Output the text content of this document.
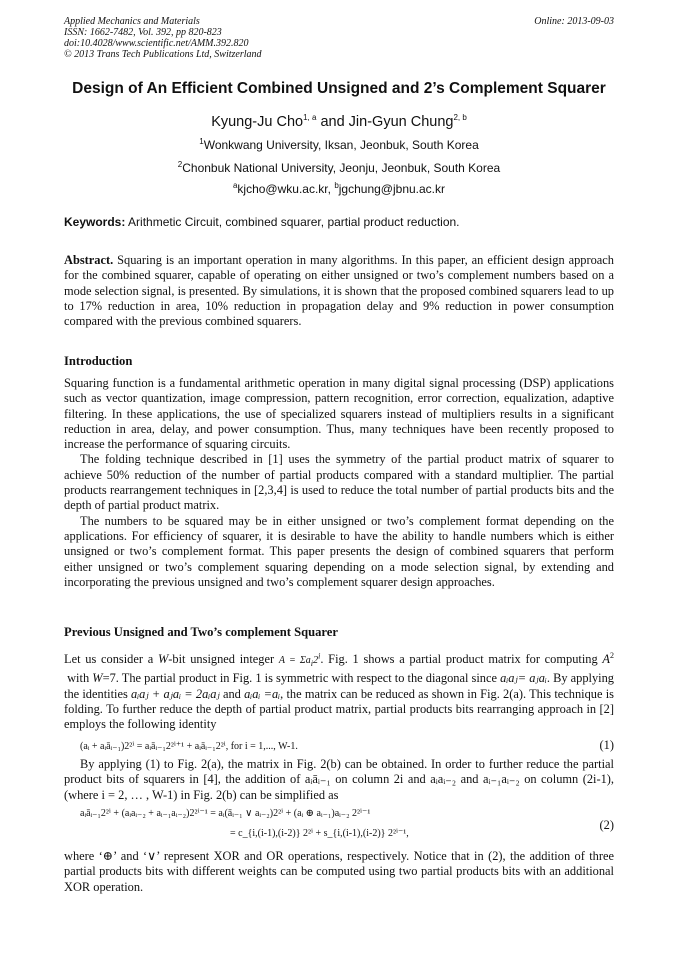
Applied Mechanics and Materials
ISSN: 1662-7482, Vol. 392, pp 820-823
doi:10.4028/www.scientific.net/AMM.392.820
© 2013 Trans Tech Publications Ltd, Switzerland
Online: 2013-09-03
Design of An Efficient Combined Unsigned and 2’s Complement Squarer
Kyung-Ju Cho$^{1, a}$ and Jin-Gyun Chung$^{2, b}$
$^1$Wonkwang University, Iksan, Jeonbuk, South Korea
$^2$Chonbuk National University, Jeonju, Jeonbuk, South Korea
$^a$kjcho@wku.ac.kr, $^b$jgchung@jbnu.ac.kr
Keywords: Arithmetic Circuit, combined squarer, partial product reduction.

Abstract. Squaring is an important operation in many algorithms. In this paper, an efficient design approach for the combined squarer, capable of operating on either unsigned or two’s complement numbers based on a mode selection signal, is presented. By simulations, it is shown that the proposed combined squarers lead to up to 17% reduction in area, 10% reduction in propagation delay and 9% reduction in power consumption compared with the previous combined squarers.

Introduction

Squaring function is a fundamental arithmetic operation in many digital signal processing (DSP) applications such as vector quantization, image compression, pattern recognition, error correction, equalization, adaptive filtering. In these applications, the use of specialized squarers instead of multipliers results in a significant reduction in area, delay, and power consumption. Thus, many techniques have been recently proposed to increase the performance of squaring circuits.

The folding technique described in [1] uses the symmetry of the partial product matrix of squarer to achieve 50% reduction of the number of partial products compared with a standard multiplier. The partial products rearrangement techniques in [2,3,4] is used to reduce the total number of partial products bits and the depth of partial product matrix.

The numbers to be squared may be in either unsigned or two’s complement format depending on the applications. For efficiency of squarer, it is desirable to have the ability to handle numbers which is either unsigned or two’s complement format. This paper presents the design of combined squarers that perform either unsigned or two’s complement squaring depending on a mode selection signal, by extending and incorporating the previous unsigned and two’s complement squarer design approaches.

Previous Unsigned and Two’s complement Squarer

Let us consider a W-bit unsigned integer $A = \Sigma a_i2^i$. Fig. 1 shows a partial product matrix for computing $A^2$ with W=7. The partial product in Fig. 1 is symmetric with respect to the diagonal since aᵢaⱼ= aⱼaᵢ. By applying the identities aᵢaⱼ + aⱼaᵢ = 2aᵢaⱼ and aᵢaᵢ =aᵢ, the matrix can be reduced as shown in Fig. 2(a). This technique is folding. To further reduce the depth of partial product matrix, partial products bits rearranging approach in [2] employs the following identity

(aᵢ + aᵢāᵢ₋₁)2²ⁱ = aᵢāᵢ₋₁2²ⁱ⁺¹ + aᵢāᵢ₋₁2²ⁱ, for i = 1,..., W-1.	(1)

By applying (1) to Fig. 2(a), the matrix in Fig. 2(b) can be obtained. In order to further reduce the partial product bits of squarers in [4], the addition of aᵢāᵢ₋₁ on column 2i and aᵢaᵢ₋₂ and aᵢ₋₁aᵢ₋₂ on column (2i-1), (where i = 2, … , W-1) in Fig. 2(b) can be simplified as

aᵢāᵢ₋₁2²ⁱ + (aᵢaᵢ₋₂ + aᵢ₋₁aᵢ₋₂)2²ⁱ⁻¹ = aᵢ(āᵢ₋₁ ∨ aᵢ₋₂)2²ⁱ + (aᵢ ⊕ aᵢ₋₁)aᵢ₋₂ 2²ⁱ⁻¹
= c_{i,(i-1),(i-2)} 2²ⁱ + s_{i,(i-1),(i-2)} 2²ⁱ⁻¹,
(2)

where ‘⊕’ and ‘∨’ represent XOR and OR operations, respectively. Notice that in (2), the addition of three partial products bits with different weights can be computed using two partial products bits with an additional XOR operation.
